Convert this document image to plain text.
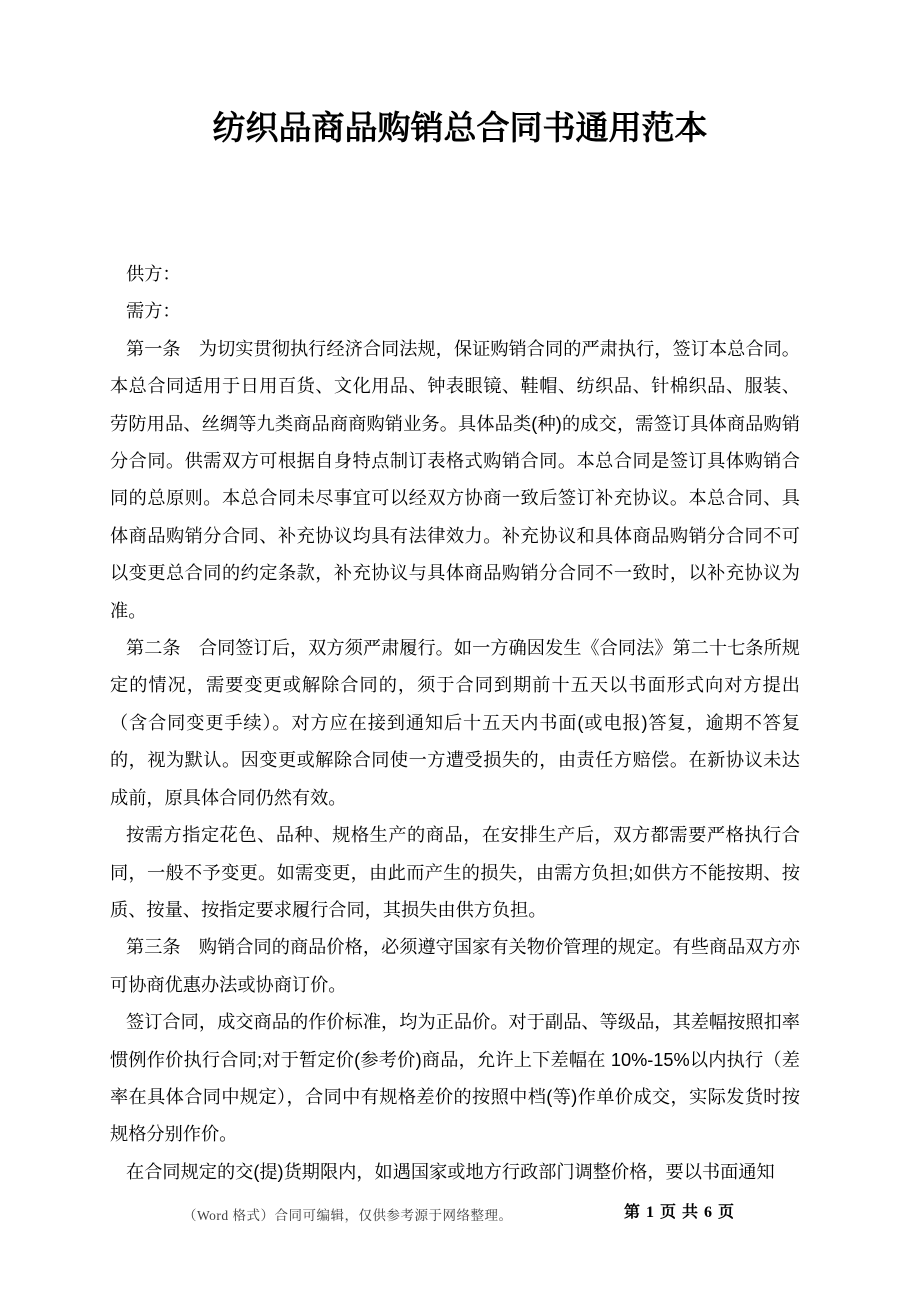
纺织品商品购销总合同书通用范本

供方：

需方：

第一条　为切实贯彻执行经济合同法规，保证购销合同的严肃执行，签订本总合同。本总合同适用于日用百货、文化用品、钟表眼镜、鞋帽、纺织品、针棉织品、服装、劳防用品、丝绸等九类商品商商购销业务。具体品类(种)的成交，需签订具体商品购销分合同。供需双方可根据自身特点制订表格式购销合同。本总合同是签订具体购销合同的总原则。本总合同未尽事宜可以经双方协商一致后签订补充协议。本总合同、具体商品购销分合同、补充协议均具有法律效力。补充协议和具体商品购销分合同不可以变更总合同的约定条款，补充协议与具体商品购销分合同不一致时，以补充协议为准。

第二条　合同签订后，双方须严肃履行。如一方确因发生《合同法》第二十七条所规定的情况，需要变更或解除合同的，须于合同到期前十五天以书面形式向对方提出（含合同变更手续）。对方应在接到通知后十五天内书面(或电报)答复，逾期不答复的，视为默认。因变更或解除合同使一方遭受损失的，由责任方赔偿。在新协议未达成前，原具体合同仍然有效。

按需方指定花色、品种、规格生产的商品，在安排生产后，双方都需要严格执行合同，一般不予变更。如需变更，由此而产生的损失，由需方负担;如供方不能按期、按质、按量、按指定要求履行合同，其损失由供方负担。

第三条　购销合同的商品价格，必须遵守国家有关物价管理的规定。有些商品双方亦可协商优惠办法或协商订价。

签订合同，成交商品的作价标准，均为正品价。对于副品、等级品，其差幅按照扣率惯例作价执行合同;对于暂定价(参考价)商品，允许上下差幅在 10%-15%以内执行（差率在具体合同中规定），合同中有规格差价的按照中档(等)作单价成交，实际发货时按规格分别作价。

在合同规定的交(提)货期限内，如遇国家或地方行政部门调整价格，要以书面通知

（Word 格式）合同可编辑，仅供参考源于网络整理。	第 1 页 共 6 页
